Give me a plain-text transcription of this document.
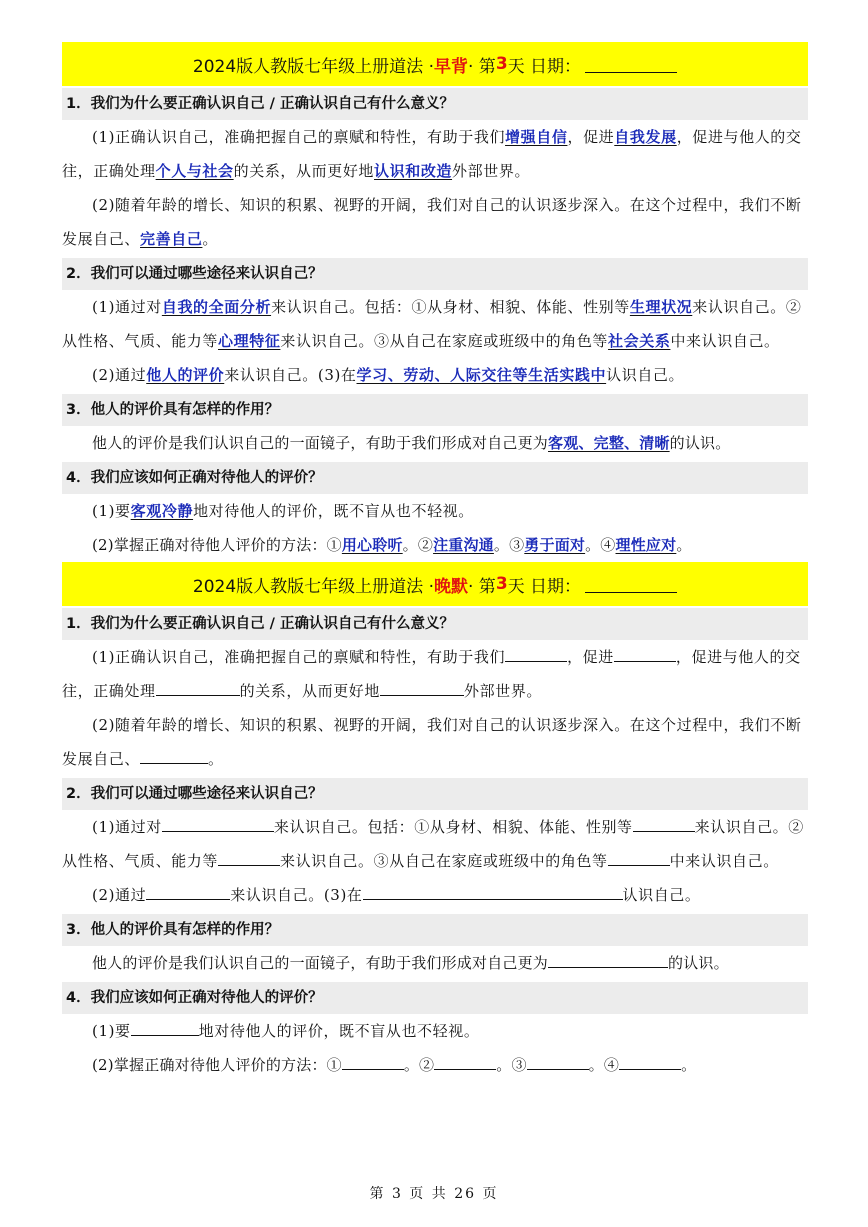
2024版人教版七年级上册道法 · 早背 · 第 3 天 日期：
1．我们为什么要正确认识自己 / 正确认识自己有什么意义？

(1)正确认识自己，准确把握自己的禀赋和特性，有助于我们增强自信，促进自我发展，促进与他人的交往，正确处理个人与社会的关系，从而更好地认识和改造外部世界。

(2)随着年龄的增长、知识的积累、视野的开阔，我们对自己的认识逐步深入。在这个过程中，我们不断发展自己、完善自己。

2．我们可以通过哪些途径来认识自己？

(1)通过对自我的全面分析来认识自己。包括：①从身材、相貌、体能、性别等生理状况来认识自己。②从性格、气质、能力等心理特征来认识自己。③从自己在家庭或班级中的角色等社会关系中来认识自己。

(2)通过他人的评价来认识自己。(3)在学习、劳动、人际交往等生活实践中认识自己。

3．他人的评价具有怎样的作用？

他人的评价是我们认识自己的一面镜子，有助于我们形成对自己更为客观、完整、清晰的认识。

4．我们应该如何正确对待他人的评价？

(1)要客观冷静地对待他人的评价，既不盲从也不轻视。

(2)掌握正确对待他人评价的方法：①用心聆听。②注重沟通。③勇于面对。④理性应对。

2024版人教版七年级上册道法 · 晚默 · 第 3 天 日期：
1．我们为什么要正确认识自己 / 正确认识自己有什么意义？

(1)正确认识自己，准确把握自己的禀赋和特性，有助于我们	，促进	，促进与他人的交往，正确处理	的关系，从而更好地	外部世界。

(2)随着年龄的增长、知识的积累、视野的开阔，我们对自己的认识逐步深入。在这个过程中，我们不断发展自己、	。

2．我们可以通过哪些途径来认识自己？

(1)通过对	来认识自己。包括：①从身材、相貌、体能、性别等	来认识自己。②从性格、气质、能力等	来认识自己。③从自己在家庭或班级中的角色等	中来认识自己。

(2)通过	来认识自己。(3)在	认识自己。

3．他人的评价具有怎样的作用？

他人的评价是我们认识自己的一面镜子，有助于我们形成对自己更为	的认识。

4．我们应该如何正确对待他人的评价？

(1)要	地对待他人的评价，既不盲从也不轻视。

(2)掌握正确对待他人评价的方法：①	。②	。③	。④	。

第 3 页 共 26 页
